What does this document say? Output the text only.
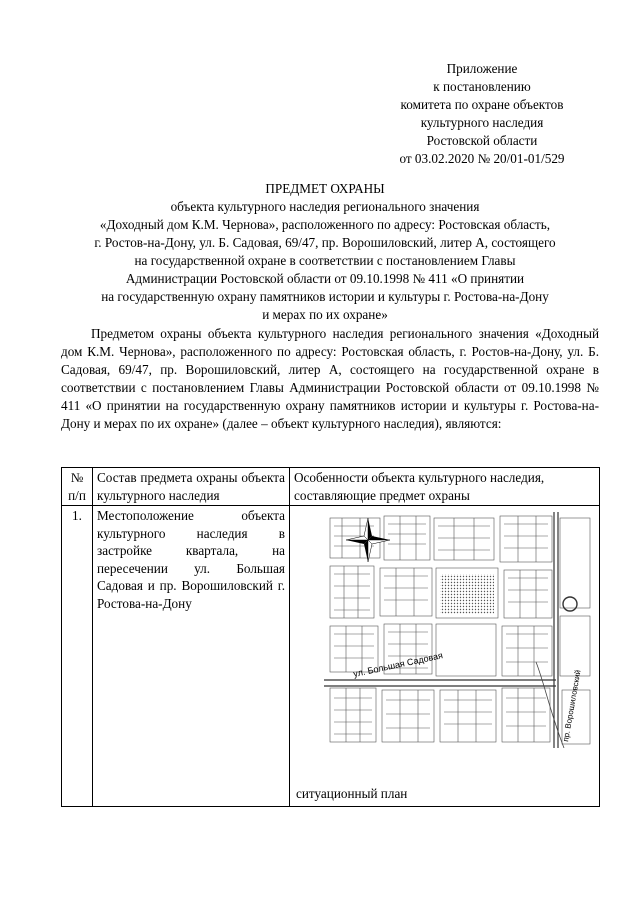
Приложение
к постановлению
комитета по охране объектов
культурного наследия
Ростовской области
от 03.02.2020 № 20/01-01/529
ПРЕДМЕТ ОХРАНЫ
объекта культурного наследия регионального значения
«Доходный дом К.М. Чернова», расположенного по адресу: Ростовская область,
г. Ростов-на-Дону, ул. Б. Садовая, 69/47, пр. Ворошиловский, литер А, состоящего
на государственной охране в соответствии с постановлением Главы
Администрации Ростовской области от 09.10.1998 № 411 «О принятии
на государственную охрану памятников истории и культуры г. Ростова-на-Дону
и мерах по их охране»
Предметом охраны объекта культурного наследия регионального значения «Доходный дом К.М. Чернова», расположенного по адресу: Ростовская область, г. Ростов-на-Дону, ул. Б. Садовая, 69/47, пр. Ворошиловский, литер А, состоящего на государственной охране в соответствии с постановлением Главы Администрации Ростовской области от 09.10.1998 № 411 «О принятии на государственную охрану памятников истории и культуры г. Ростова-на-Дону и мерах по их охране» (далее – объект культурного наследия), являются:
№ п/п	Состав предмета охраны объекта культурного наследия	Особенности объекта культурного наследия, составляющие предмет охраны
1.	Местоположение объекта культурного наследия в застройке квартала, на пересечении ул. Большая Садовая и пр. Ворошиловский г. Ростова-на-Дону	ул. Большая Садовая
пр. Ворошиловский
ситуационный план
